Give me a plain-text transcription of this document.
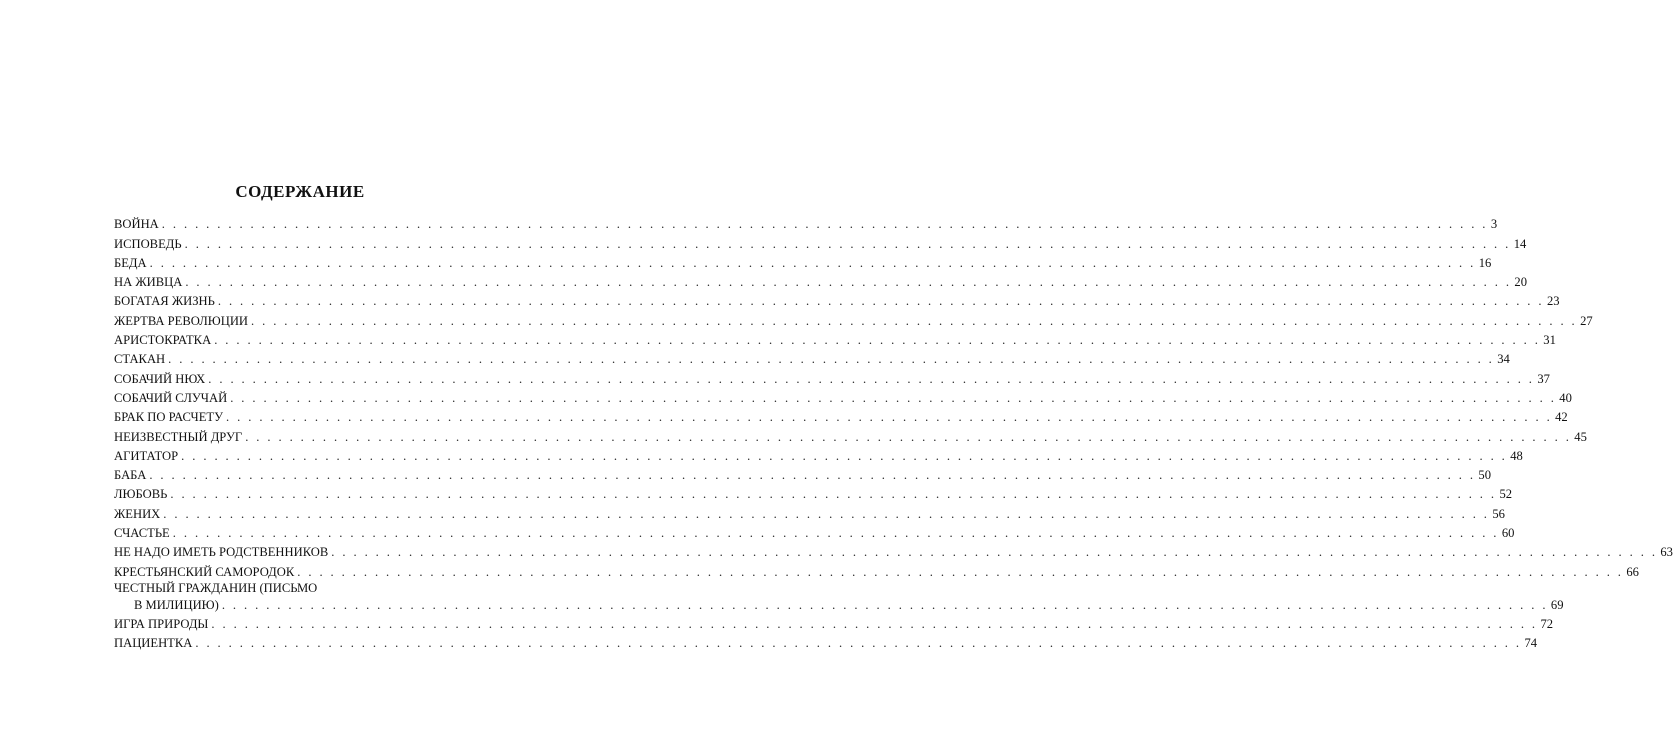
СОДЕРЖАНИЕ
ВОЙНА . . . . . . . . . . . . . . . . . . . . . . . . . . . . . . . . . . . . . . . . . . . . . . . . . . . . . . . . . . . . . . . . . . . . . . . . . . . . . . . . . . . . . . . . . . . . . . . . . . . . . . . . . . . . . . . . . . . . . . . . 3
ИСПОВЕДЬ . . . . . . . . . . . . . . . . . . . . . . . . . . . . . . . . . . . . . . . . . . . . . . . . . . . . . . . . . . . . . . . . . . . . . . . . . . . . . . . . . . . . . . . . . . . . . . . . . . . . . . . . . . . . . . . . . . . . . . . . 14
БЕДА . . . . . . . . . . . . . . . . . . . . . . . . . . . . . . . . . . . . . . . . . . . . . . . . . . . . . . . . . . . . . . . . . . . . . . . . . . . . . . . . . . . . . . . . . . . . . . . . . . . . . . . . . . . . . . . . . . . . . . . . 16
НА ЖИВЦА . . . . . . . . . . . . . . . . . . . . . . . . . . . . . . . . . . . . . . . . . . . . . . . . . . . . . . . . . . . . . . . . . . . . . . . . . . . . . . . . . . . . . . . . . . . . . . . . . . . . . . . . . . . . . . . . . . . . . . . . 20
БОГАТАЯ ЖИЗНЬ . . . . . . . . . . . . . . . . . . . . . . . . . . . . . . . . . . . . . . . . . . . . . . . . . . . . . . . . . . . . . . . . . . . . . . . . . . . . . . . . . . . . . . . . . . . . . . . . . . . . . . . . . . . . . . . . . . . . . . . . 23
ЖЕРТВА РЕВОЛЮЦИИ . . . . . . . . . . . . . . . . . . . . . . . . . . . . . . . . . . . . . . . . . . . . . . . . . . . . . . . . . . . . . . . . . . . . . . . . . . . . . . . . . . . . . . . . . . . . . . . . . . . . . . . . . . . . . . . . . . . . . . . . 27
АРИСТОКРАТКА . . . . . . . . . . . . . . . . . . . . . . . . . . . . . . . . . . . . . . . . . . . . . . . . . . . . . . . . . . . . . . . . . . . . . . . . . . . . . . . . . . . . . . . . . . . . . . . . . . . . . . . . . . . . . . . . . . . . . . . . 31
СТАКАН . . . . . . . . . . . . . . . . . . . . . . . . . . . . . . . . . . . . . . . . . . . . . . . . . . . . . . . . . . . . . . . . . . . . . . . . . . . . . . . . . . . . . . . . . . . . . . . . . . . . . . . . . . . . . . . . . . . . . . . . 34
СОБАЧИЙ НЮХ . . . . . . . . . . . . . . . . . . . . . . . . . . . . . . . . . . . . . . . . . . . . . . . . . . . . . . . . . . . . . . . . . . . . . . . . . . . . . . . . . . . . . . . . . . . . . . . . . . . . . . . . . . . . . . . . . . . . . . . . 37
СОБАЧИЙ СЛУЧАЙ . . . . . . . . . . . . . . . . . . . . . . . . . . . . . . . . . . . . . . . . . . . . . . . . . . . . . . . . . . . . . . . . . . . . . . . . . . . . . . . . . . . . . . . . . . . . . . . . . . . . . . . . . . . . . . . . . . . . . . . . 40
БРАК ПО РАСЧЕТУ . . . . . . . . . . . . . . . . . . . . . . . . . . . . . . . . . . . . . . . . . . . . . . . . . . . . . . . . . . . . . . . . . . . . . . . . . . . . . . . . . . . . . . . . . . . . . . . . . . . . . . . . . . . . . . . . . . . . . . . . 42
НЕИЗВЕСТНЫЙ ДРУГ . . . . . . . . . . . . . . . . . . . . . . . . . . . . . . . . . . . . . . . . . . . . . . . . . . . . . . . . . . . . . . . . . . . . . . . . . . . . . . . . . . . . . . . . . . . . . . . . . . . . . . . . . . . . . . . . . . . . . . . . 45
АГИТАТОР . . . . . . . . . . . . . . . . . . . . . . . . . . . . . . . . . . . . . . . . . . . . . . . . . . . . . . . . . . . . . . . . . . . . . . . . . . . . . . . . . . . . . . . . . . . . . . . . . . . . . . . . . . . . . . . . . . . . . . . . 48
БАБА . . . . . . . . . . . . . . . . . . . . . . . . . . . . . . . . . . . . . . . . . . . . . . . . . . . . . . . . . . . . . . . . . . . . . . . . . . . . . . . . . . . . . . . . . . . . . . . . . . . . . . . . . . . . . . . . . . . . . . . . 50
ЛЮБОВЬ . . . . . . . . . . . . . . . . . . . . . . . . . . . . . . . . . . . . . . . . . . . . . . . . . . . . . . . . . . . . . . . . . . . . . . . . . . . . . . . . . . . . . . . . . . . . . . . . . . . . . . . . . . . . . . . . . . . . . . . . 52
ЖЕНИХ . . . . . . . . . . . . . . . . . . . . . . . . . . . . . . . . . . . . . . . . . . . . . . . . . . . . . . . . . . . . . . . . . . . . . . . . . . . . . . . . . . . . . . . . . . . . . . . . . . . . . . . . . . . . . . . . . . . . . . . . 56
СЧАСТЬЕ . . . . . . . . . . . . . . . . . . . . . . . . . . . . . . . . . . . . . . . . . . . . . . . . . . . . . . . . . . . . . . . . . . . . . . . . . . . . . . . . . . . . . . . . . . . . . . . . . . . . . . . . . . . . . . . . . . . . . . . . 60
НЕ НАДО ИМЕТЬ РОДСТВЕННИКОВ . . . . . . . . . . . . . . . . . . . . . . . . . . . . . . . . . . . . . . . . . . . . . . . . . . . . . . . . . . . . . . . . . . . . . . . . . . . . . . . . . . . . . . . . . . . . . . . . . . . . . . . . . . . . . . . . . . . . . . . . 63
КРЕСТЬЯНСКИЙ САМОРОДОК . . . . . . . . . . . . . . . . . . . . . . . . . . . . . . . . . . . . . . . . . . . . . . . . . . . . . . . . . . . . . . . . . . . . . . . . . . . . . . . . . . . . . . . . . . . . . . . . . . . . . . . . . . . . . . . . . . . . . . . . 66
ЧЕСТНЫЙ ГРАЖДАНИН (ПИСЬМО
В МИЛИЦИЮ) . . . . . . . . . . . . . . . . . . . . . . . . . . . . . . . . . . . . . . . . . . . . . . . . . . . . . . . . . . . . . . . . . . . . . . . . . . . . . . . . . . . . . . . . . . . . . . . . . . . . . . . . . . . . . . . . . . . . . . . . 69
ИГРА ПРИРОДЫ . . . . . . . . . . . . . . . . . . . . . . . . . . . . . . . . . . . . . . . . . . . . . . . . . . . . . . . . . . . . . . . . . . . . . . . . . . . . . . . . . . . . . . . . . . . . . . . . . . . . . . . . . . . . . . . . . . . . . . . . 72
ПАЦИЕНТКА . . . . . . . . . . . . . . . . . . . . . . . . . . . . . . . . . . . . . . . . . . . . . . . . . . . . . . . . . . . . . . . . . . . . . . . . . . . . . . . . . . . . . . . . . . . . . . . . . . . . . . . . . . . . . . . . . . . . . . . . 74
